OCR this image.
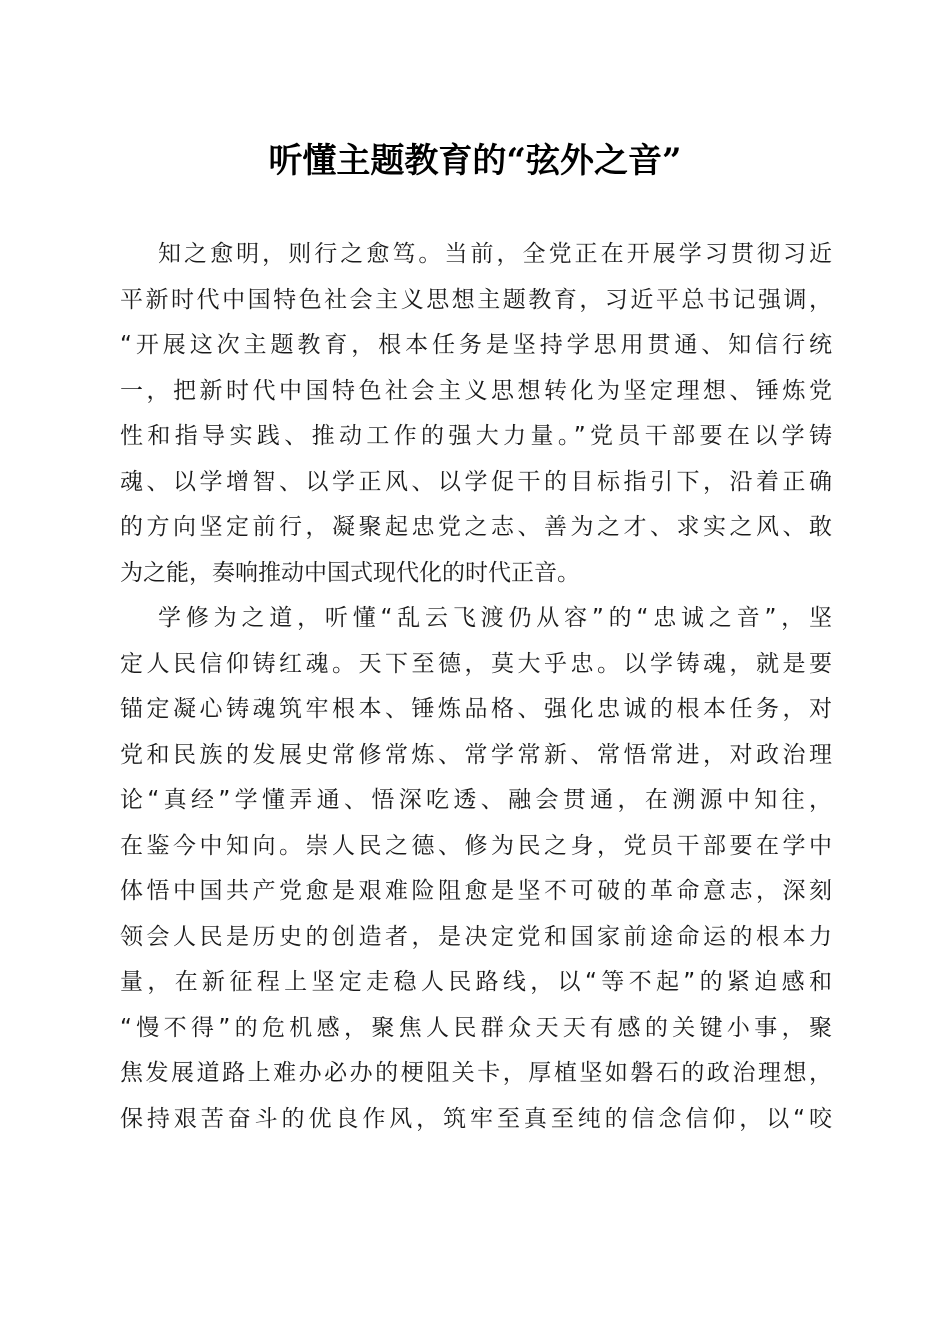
听懂主题教育的“弦外之音”
知之愈明，则行之愈笃。当前，全党正在开展学习贯彻习近
平新时代中国特色社会主义思想主题教育，习近平总书记强调，
“开展这次主题教育，根本任务是坚持学思用贯通、知信行统
一，把新时代中国特色社会主义思想转化为坚定理想、锤炼党
性和指导实践、推动工作的强大力量。”党员干部要在以学铸
魂、以学增智、以学正风、以学促干的目标指引下，沿着正确
的方向坚定前行，凝聚起忠党之志、善为之才、求实之风、敢
为之能，奏响推动中国式现代化的时代正音。
学修为之道，听懂“乱云飞渡仍从容”的“忠诚之音”，坚
定人民信仰铸红魂。天下至德，莫大乎忠。以学铸魂，就是要
锚定凝心铸魂筑牢根本、锤炼品格、强化忠诚的根本任务，对
党和民族的发展史常修常炼、常学常新、常悟常进，对政治理
论“真经”学懂弄通、悟深吃透、融会贯通，在溯源中知往，
在鉴今中知向。崇人民之德、修为民之身，党员干部要在学中
体悟中国共产党愈是艰难险阻愈是坚不可破的革命意志，深刻
领会人民是历史的创造者，是决定党和国家前途命运的根本力
量，在新征程上坚定走稳人民路线，以“等不起”的紧迫感和
“慢不得”的危机感，聚焦人民群众天天有感的关键小事，聚
焦发展道路上难办必办的梗阻关卡，厚植坚如磐石的政治理想，
保持艰苦奋斗的优良作风，筑牢至真至纯的信念信仰，以“咬
